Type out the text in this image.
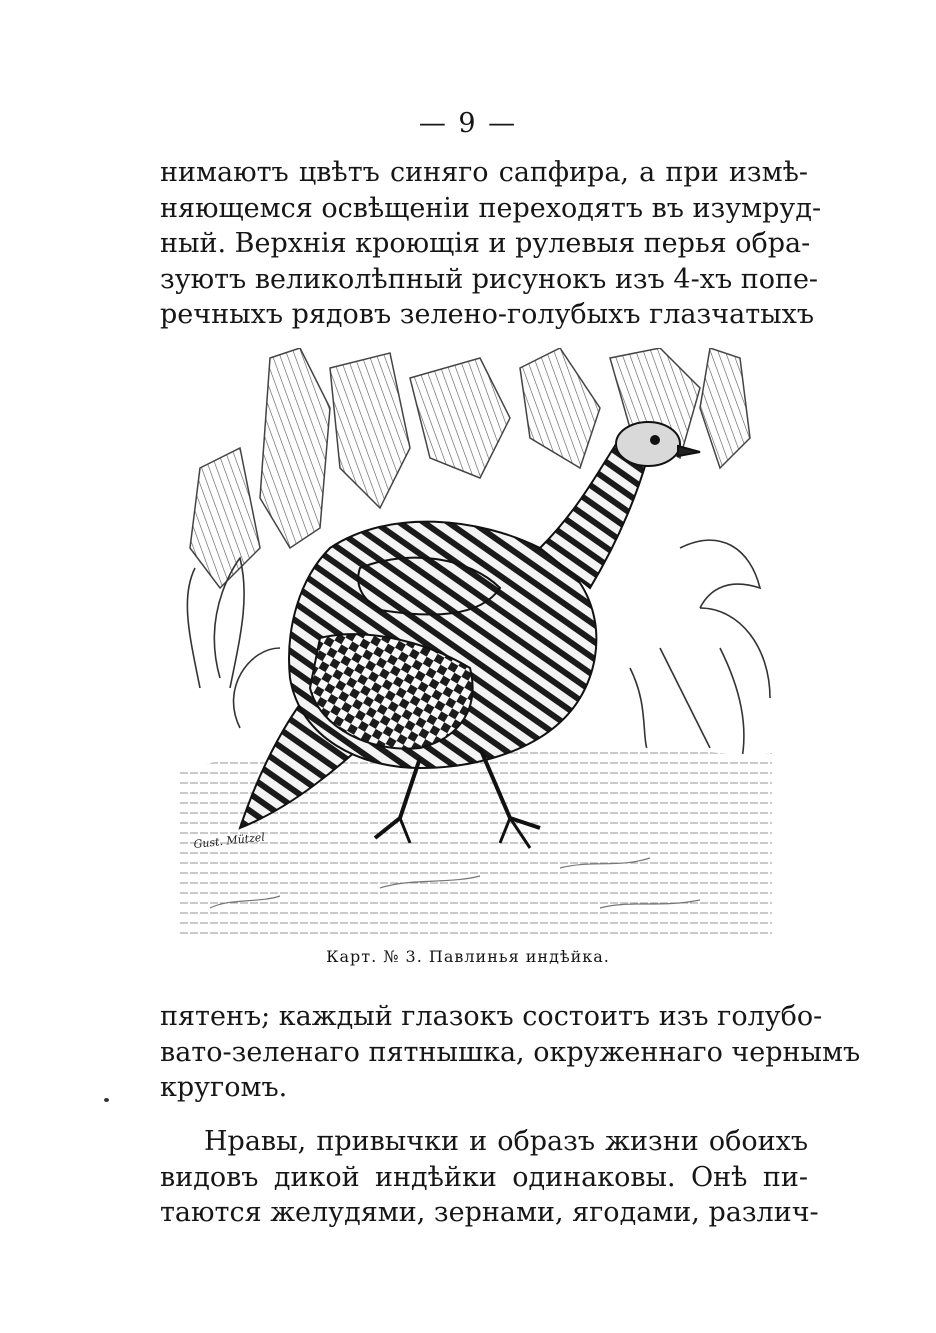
— 9 —
нимаютъ цвѣтъ синяго сапфира, а при измѣ-
няющемся освѣщеніи переходятъ въ изумруд-
ный. Верхнія кроющія и рулевыя перья обра-
зуютъ великолѣпный рисунокъ изъ 4-хъ попе-
речныхъ рядовъ зелено-голубыхъ глазчатыхъ
Gust. Mützel
Карт. № 3. Павлинья индѣйка.
пятенъ; каждый глазокъ состоитъ изъ голубо-
вато-зеленаго пятнышка, окруженнаго чернымъ
кругомъ.
Нравы, привычки и образъ жизни обоихъ
видовъ дикой индѣйки одинаковы. Онѣ пи-
таются желудями, зернами, ягодами, различ-
